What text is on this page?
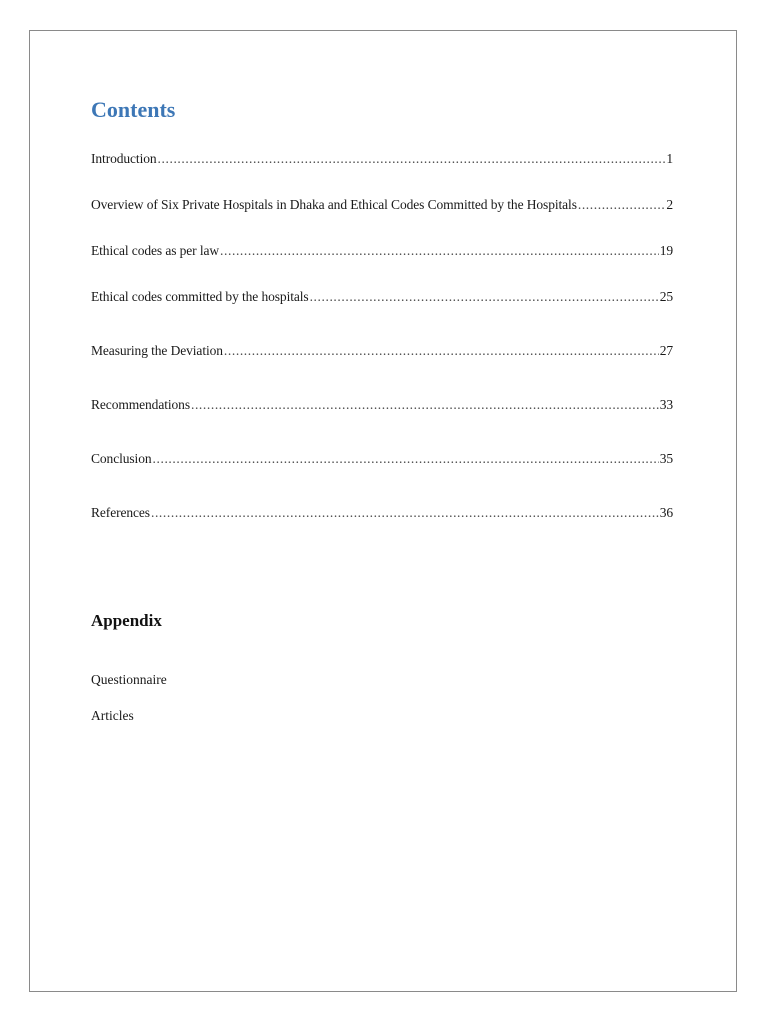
Contents
Introduction .....	1
Overview of Six Private Hospitals in Dhaka and Ethical Codes Committed by the Hospitals .....	2
Ethical codes as per law .....	19
Ethical codes committed by the hospitals .....	25
Measuring the Deviation .....	27
Recommendations .....	33
Conclusion .....	35
References .....	36
Appendix
Questionnaire
Articles
